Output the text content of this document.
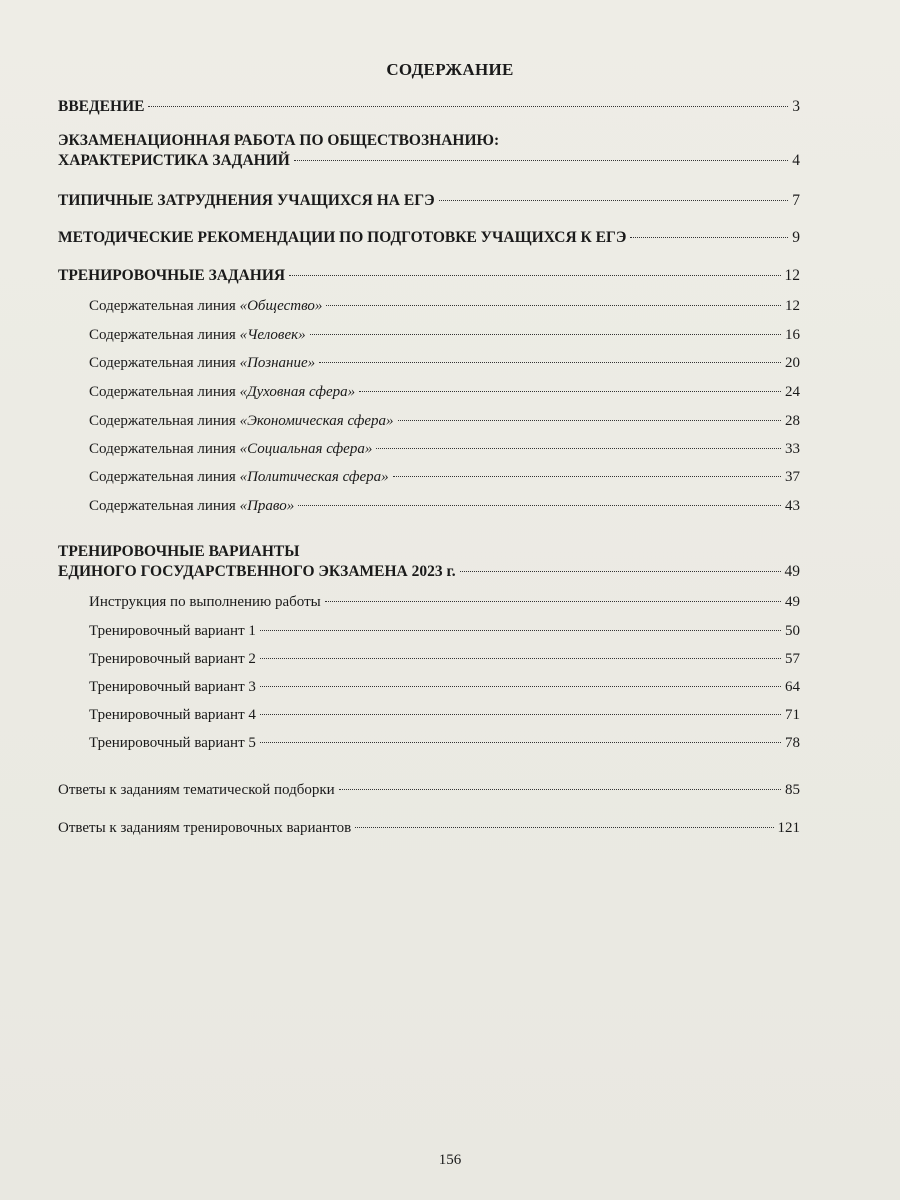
СОДЕРЖАНИЕ
ВВЕДЕНИЕ	3
ЭКЗАМЕНАЦИОННАЯ РАБОТА ПО ОБЩЕСТВОЗНАНИЮ:
ХАРАКТЕРИСТИКА ЗАДАНИЙ	4
ТИПИЧНЫЕ ЗАТРУДНЕНИЯ УЧАЩИХСЯ НА ЕГЭ	7
МЕТОДИЧЕСКИЕ РЕКОМЕНДАЦИИ ПО ПОДГОТОВКЕ УЧАЩИХСЯ К ЕГЭ	9
ТРЕНИРОВОЧНЫЕ ЗАДАНИЯ	12
Содержательная линия «Общество»	12
Содержательная линия «Человек»	16
Содержательная линия «Познание»	20
Содержательная линия «Духовная сфера»	24
Содержательная линия «Экономическая сфера»	28
Содержательная линия «Социальная сфера»	33
Содержательная линия «Политическая сфера»	37
Содержательная линия «Право»	43
ТРЕНИРОВОЧНЫЕ ВАРИАНТЫ
ЕДИНОГО ГОСУДАРСТВЕННОГО ЭКЗАМЕНА 2023 г.	49
Инструкция по выполнению работы	49
Тренировочный вариант 1	50
Тренировочный вариант 2	57
Тренировочный вариант 3	64
Тренировочный вариант 4	71
Тренировочный вариант 5	78
Ответы к заданиям тематической подборки	85
Ответы к заданиям тренировочных вариантов	121
156
